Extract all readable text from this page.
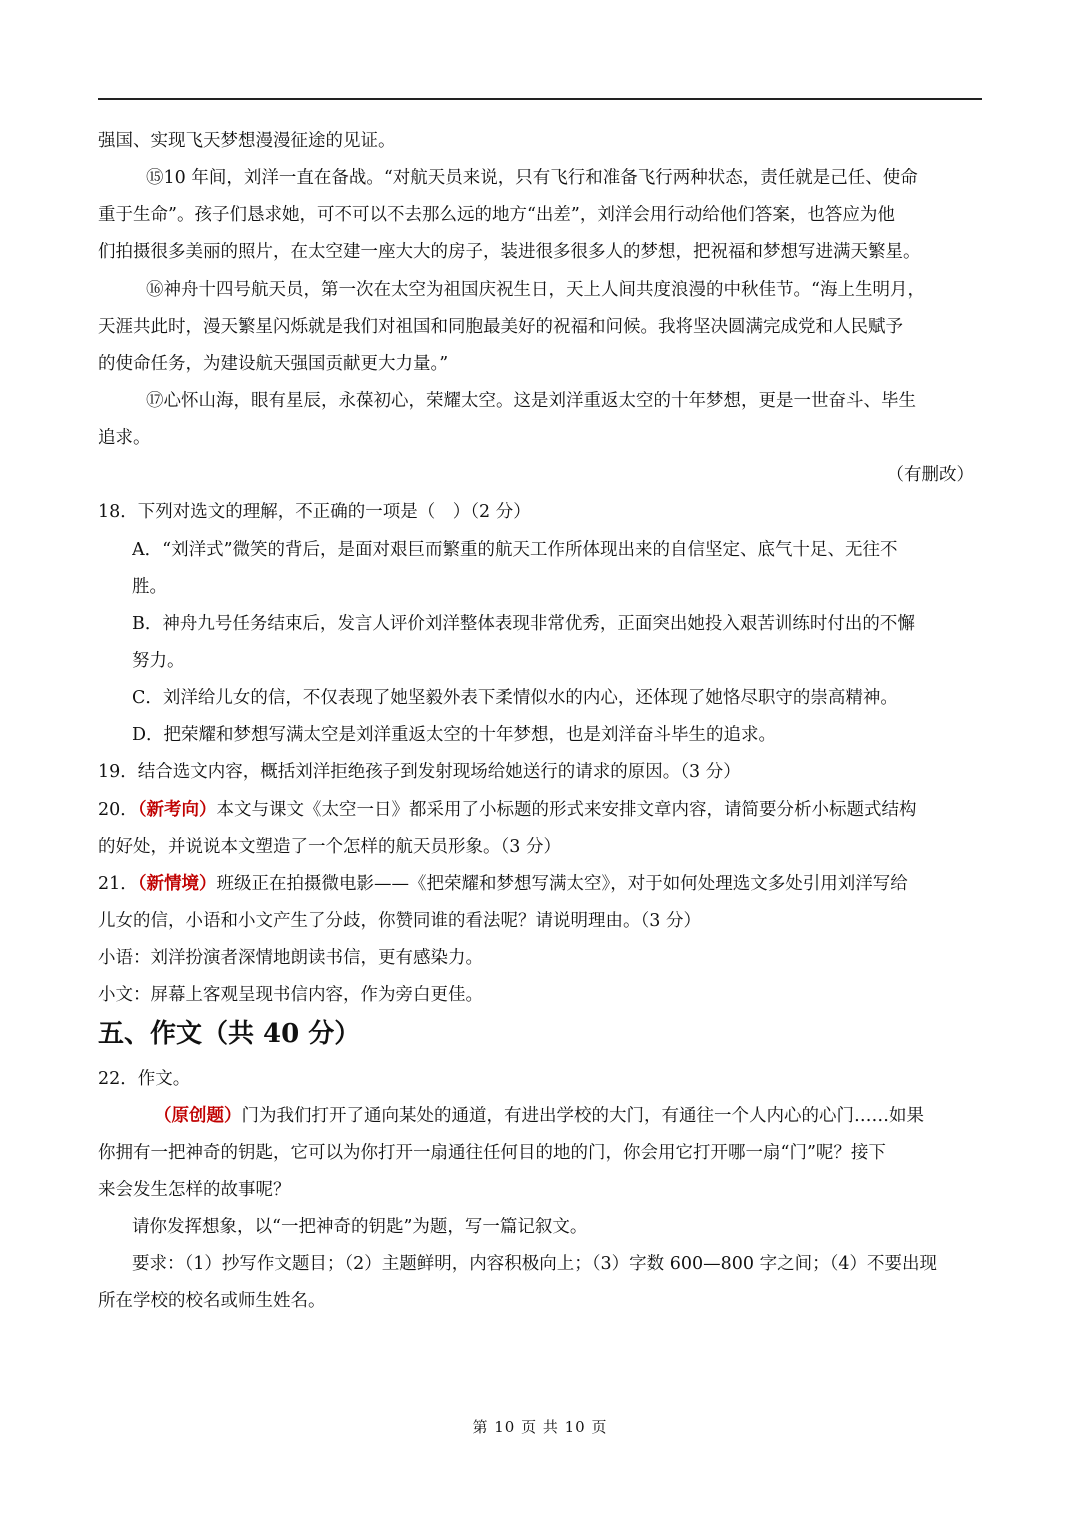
强国、实现飞天梦想漫漫征途的见证。
⑮10 年间，刘洋一直在备战。“对航天员来说，只有飞行和准备飞行两种状态，责任就是己任、使命
重于生命”。孩子们恳求她，可不可以不去那么远的地方“出差”，刘洋会用行动给他们答案，也答应为他
们拍摄很多美丽的照片，在太空建一座大大的房子，装进很多很多人的梦想，把祝福和梦想写进满天繁星。
⑯神舟十四号航天员，第一次在太空为祖国庆祝生日，天上人间共度浪漫的中秋佳节。“海上生明月，
天涯共此时，漫天繁星闪烁就是我们对祖国和同胞最美好的祝福和问候。我将坚决圆满完成党和人民赋予
的使命任务，为建设航天强国贡献更大力量。”
⑰心怀山海，眼有星辰，永葆初心，荣耀太空。这是刘洋重返太空的十年梦想，更是一世奋斗、毕生
追求。
（有删改）
18．下列对选文的理解，不正确的一项是（　）（2 分）
A．“刘洋式”微笑的背后，是面对艰巨而繁重的航天工作所体现出来的自信坚定、底气十足、无往不
胜。
B．神舟九号任务结束后，发言人评价刘洋整体表现非常优秀，正面突出她投入艰苦训练时付出的不懈
努力。
C．刘洋给儿女的信，不仅表现了她坚毅外表下柔情似水的内心，还体现了她恪尽职守的崇高精神。
D．把荣耀和梦想写满太空是刘洋重返太空的十年梦想，也是刘洋奋斗毕生的追求。
19．结合选文内容，概括刘洋拒绝孩子到发射现场给她送行的请求的原因。（3 分）
20．（新考向）本文与课文《太空一日》都采用了小标题的形式来安排文章内容，请简要分析小标题式结构
的好处，并说说本文塑造了一个怎样的航天员形象。（3 分）
21．（新情境）班级正在拍摄微电影——《把荣耀和梦想写满太空》，对于如何处理选文多处引用刘洋写给
儿女的信，小语和小文产生了分歧，你赞同谁的看法呢？请说明理由。（3 分）
小语：刘洋扮演者深情地朗读书信，更有感染力。
小文：屏幕上客观呈现书信内容，作为旁白更佳。
五、作文（共 40 分）
22．作文。
（原创题）门为我们打开了通向某处的通道，有进出学校的大门，有通往一个人内心的心门……如果
你拥有一把神奇的钥匙，它可以为你打开一扇通往任何目的地的门，你会用它打开哪一扇“门”呢？接下
来会发生怎样的故事呢？
请你发挥想象，以“一把神奇的钥匙”为题，写一篇记叙文。
要求：（1）抄写作文题目；（2）主题鲜明，内容积极向上；（3）字数 600—800 字之间；（4）不要出现
所在学校的校名或师生姓名。
第 10 页 共 10 页
